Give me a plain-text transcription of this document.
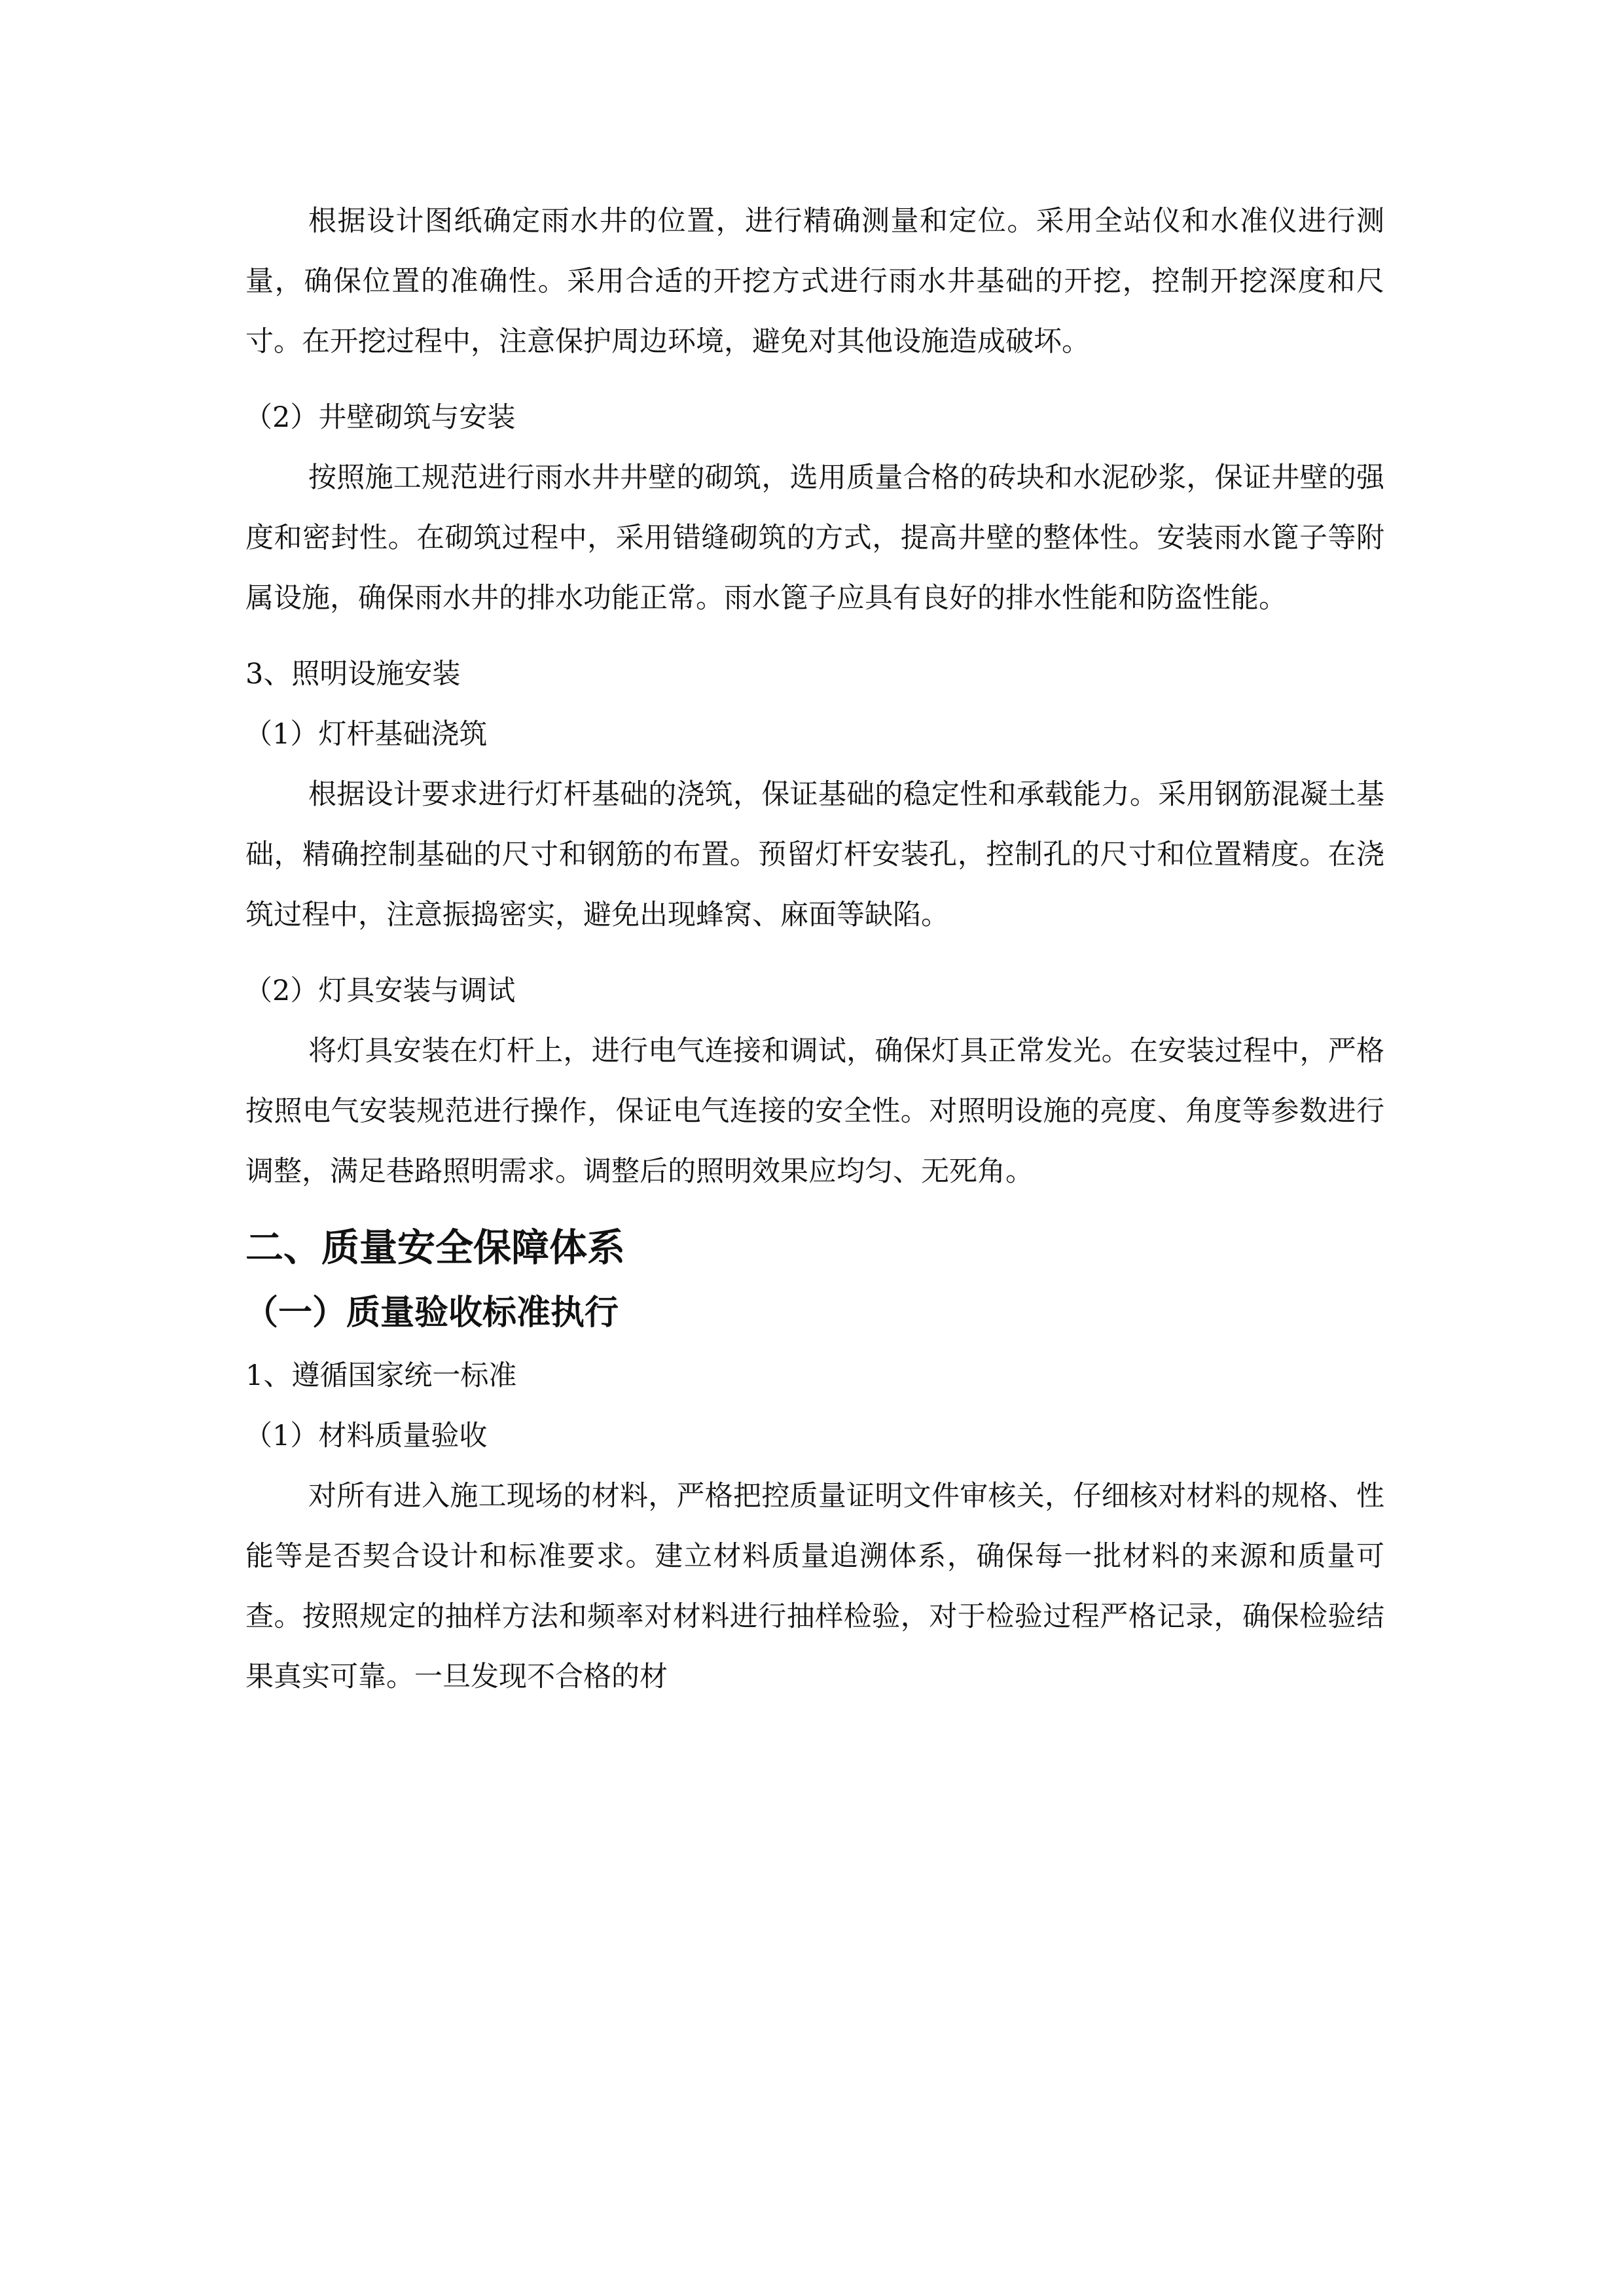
根据设计图纸确定雨水井的位置，进行精确测量和定位。采用全站仪和水准仪进行测量，确保位置的准确性。采用合适的开挖方式进行雨水井基础的开挖，控制开挖深度和尺寸。在开挖过程中，注意保护周边环境，避免对其他设施造成破坏。

（2）井壁砌筑与安装

按照施工规范进行雨水井井壁的砌筑，选用质量合格的砖块和水泥砂浆，保证井壁的强度和密封性。在砌筑过程中，采用错缝砌筑的方式，提高井壁的整体性。安装雨水篦子等附属设施，确保雨水井的排水功能正常。雨水篦子应具有良好的排水性能和防盗性能。

3、照明设施安装

（1）灯杆基础浇筑

根据设计要求进行灯杆基础的浇筑，保证基础的稳定性和承载能力。采用钢筋混凝土基础，精确控制基础的尺寸和钢筋的布置。预留灯杆安装孔，控制孔的尺寸和位置精度。在浇筑过程中，注意振捣密实，避免出现蜂窝、麻面等缺陷。

（2）灯具安装与调试

将灯具安装在灯杆上，进行电气连接和调试，确保灯具正常发光。在安装过程中，严格按照电气安装规范进行操作，保证电气连接的安全性。对照明设施的亮度、角度等参数进行调整，满足巷路照明需求。调整后的照明效果应均匀、无死角。

二、质量安全保障体系
（一）质量验收标准执行

1、遵循国家统一标准

（1）材料质量验收

对所有进入施工现场的材料，严格把控质量证明文件审核关，仔细核对材料的规格、性能等是否契合设计和标准要求。建立材料质量追溯体系，确保每一批材料的来源和质量可查。按照规定的抽样方法和频率对材料进行抽样检验，对于检验过程严格记录，确保检验结果真实可靠。一旦发现不合格的材
